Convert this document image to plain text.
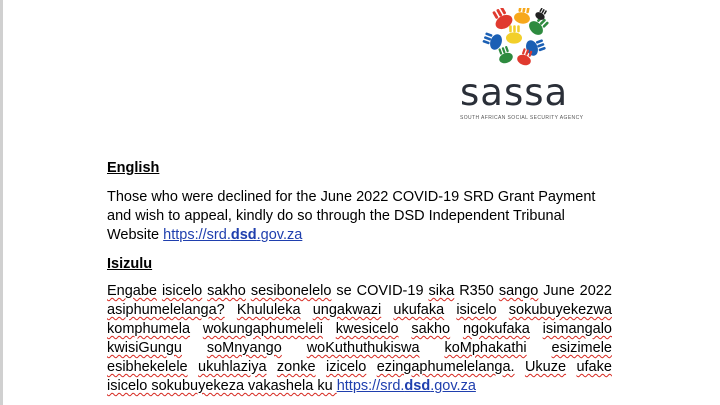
sassa
SOUTH AFRICAN SOCIAL SECURITY AGENCY
English
Those who were declined for the June 2022 COVID-19 SRD Grant Payment
and wish to appeal, kindly do so through the DSD Independent Tribunal
Website https://srd.dsd.gov.za
Isizulu
Engabe isicelo sakho sesibonelelo se COVID-19 sika R350 sango June 2022
asiphumelelanga? Khululeka ungakwazi ukufaka isicelo sokubuyekezwa
komphumela wokungaphumeleli kwesicelo sakho ngokufaka isimangalo
kwisiGungu soMnyango woKuthuthukiswa koMphakathi esizimele
esibhekelele ukuhlaziya zonke izicelo ezingaphumelelanga. Ukuze ufake
isicelo sokubuyekeza vakashela ku https://srd.dsd.gov.za
